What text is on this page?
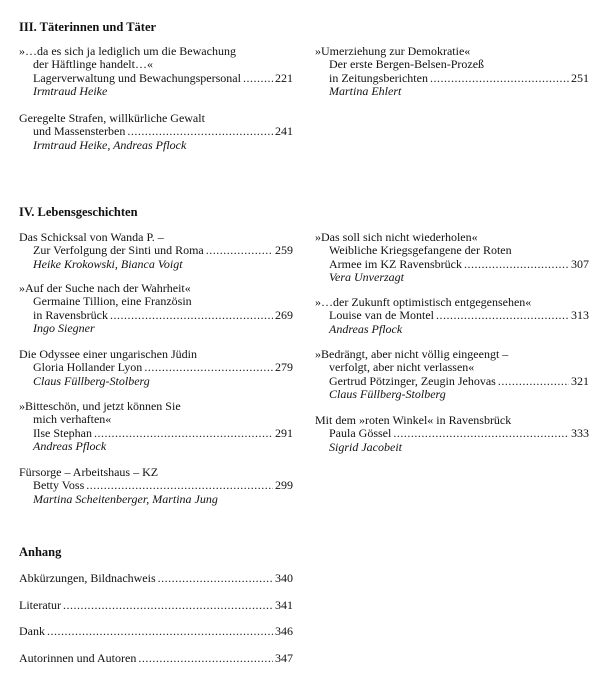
III. Täterinnen und Täter
»…da es sich ja lediglich um die Bewachung
der Häftlinge handelt…«
Lagerverwaltung und Bewachungspersonal .....	221
Irmtraud Heike
Geregelte Strafen, willkürliche Gewalt
und Massensterben .....	241
Irmtraud Heike, Andreas Pflock
»Umerziehung zur Demokratie«
Der erste Bergen-Belsen-Prozeß
in Zeitungsberichten .....	251
Martina Ehlert
IV. Lebensgeschichten
Das Schicksal von Wanda P. –
Zur Verfolgung der Sinti und Roma .....	259
Heike Krokowski, Bianca Voigt
»Auf der Suche nach der Wahrheit«
Germaine Tillion, eine Französin
in Ravensbrück .....	269
Ingo Siegner
Die Odyssee einer ungarischen Jüdin
Gloria Hollander Lyon .....	279
Claus Füllberg-Stolberg
»Bitteschön, und jetzt können Sie
mich verhaften«
Ilse Stephan .....	291
Andreas Pflock
Fürsorge – Arbeitshaus – KZ
Betty Voss .....	299
Martina Scheitenberger, Martina Jung
»Das soll sich nicht wiederholen«
Weibliche Kriegsgefangene der Roten
Armee im KZ Ravensbrück .....	307
Vera Unverzagt
»…der Zukunft optimistisch entgegensehen«
Louise van de Montel .....	313
Andreas Pflock
»Bedrängt, aber nicht völlig eingeengt –
verfolgt, aber nicht verlassen«
Gertrud Pötzinger, Zeugin Jehovas .....	321
Claus Füllberg-Stolberg
Mit dem »roten Winkel« in Ravensbrück
Paula Gössel .....	333
Sigrid Jacobeit
Anhang
Abkürzungen, Bildnachweis .....	340
Literatur .....	341
Dank .....	346
Autorinnen und Autoren .....	347
